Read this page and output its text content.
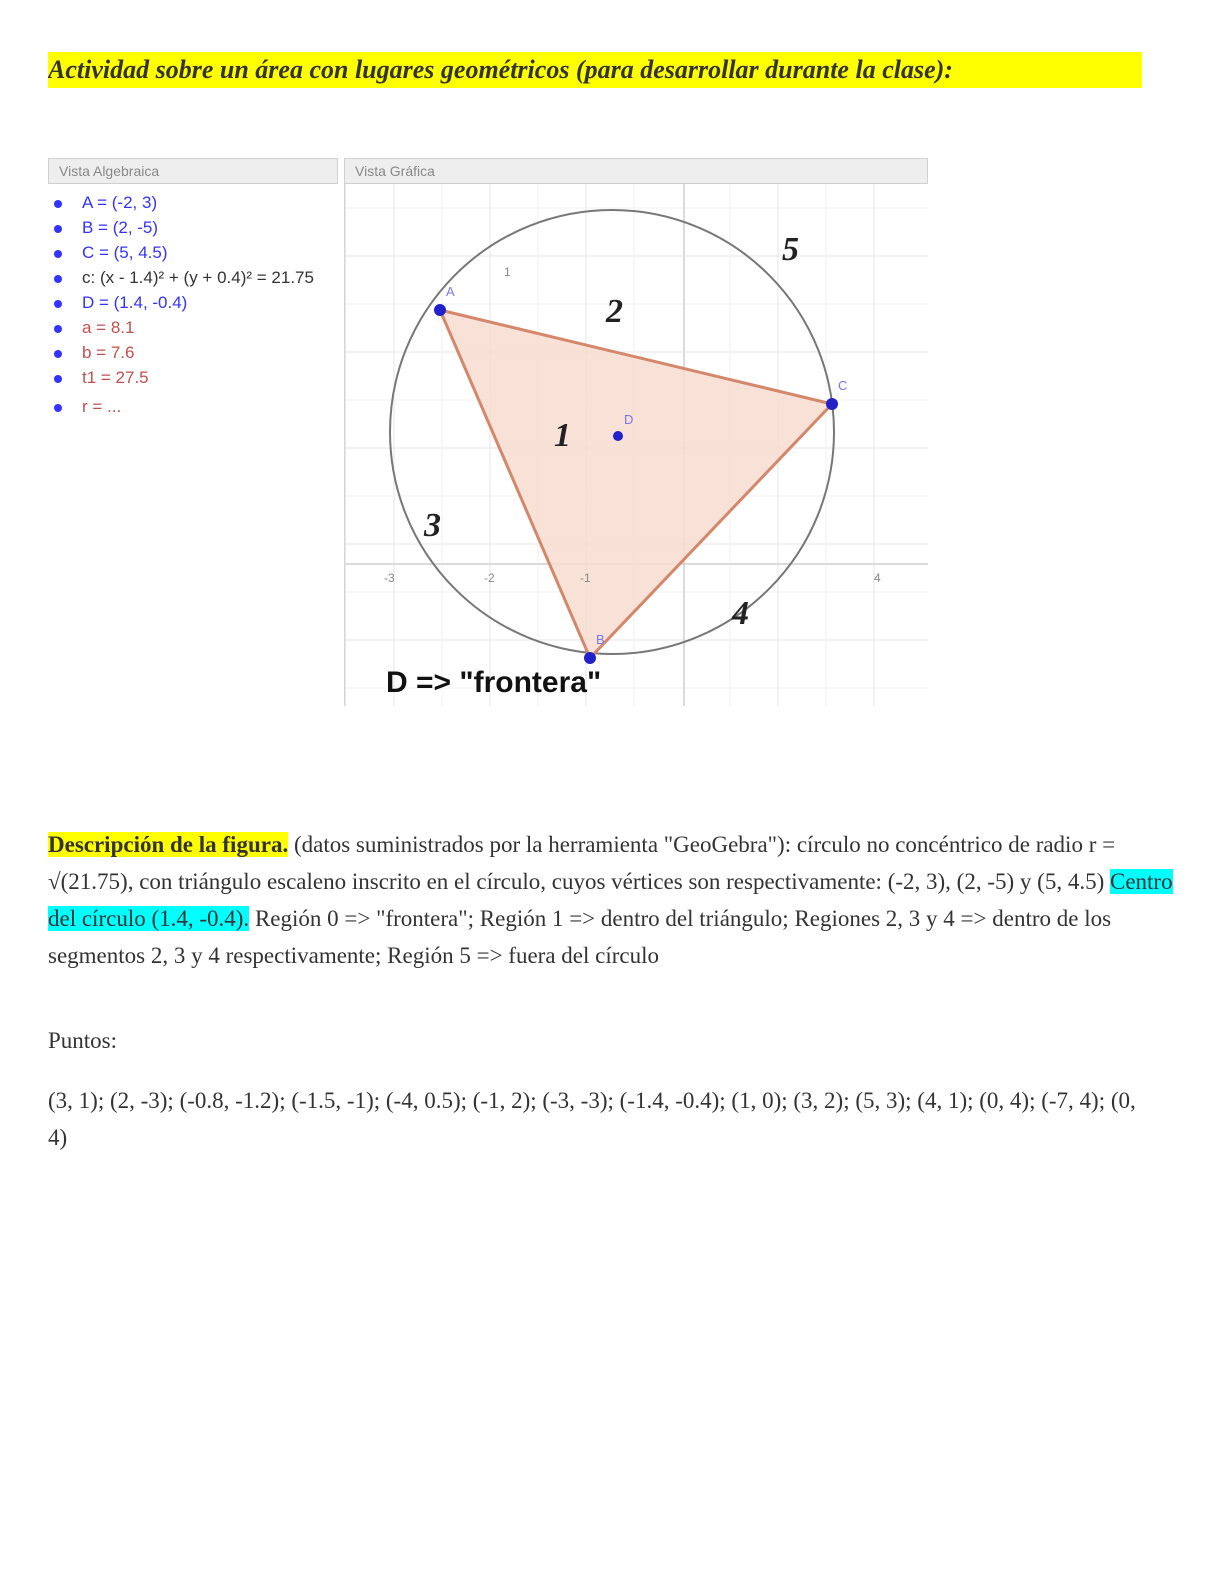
Actividad sobre un área con lugares geométricos (para desarrollar durante la clase):
Vista Algebraica
A = (-2, 3)
B = (2, -5)
C = (5, 4.5)
c: (x - 1.4)² + (y + 0.4)² = 21.75
D = (1.4, -0.4)
a = 8.1
b = 7.6
t1 = 27.5
r = ...
Vista Gráfica
A
C
B
D
1
2
3
4
5
-3	-2	-1	4
1
D => "frontera"

Descripción de la figura. (datos suministrados por la herramienta "GeoGebra"): círculo no concéntrico de radio r = √(21.75), con triángulo escaleno inscrito en el círculo, cuyos vértices son respectivamente: (-2, 3), (2, -5) y (5, 4.5) Centro del círculo (1.4, -0.4). Región 0 => "frontera"; Región 1 => dentro del triángulo; Regiones 2, 3 y 4 => dentro de los segmentos 2, 3 y 4 respectivamente; Región 5 => fuera del círculo

Puntos:
(3, 1); (2, -3); (-0.8, -1.2); (-1.5, -1); (-4, 0.5); (-1, 2); (-3, -3); (-1.4, -0.4); (1, 0); (3, 2); (5, 3); (4, 1); (0, 4); (-7, 4); (0, 4)
